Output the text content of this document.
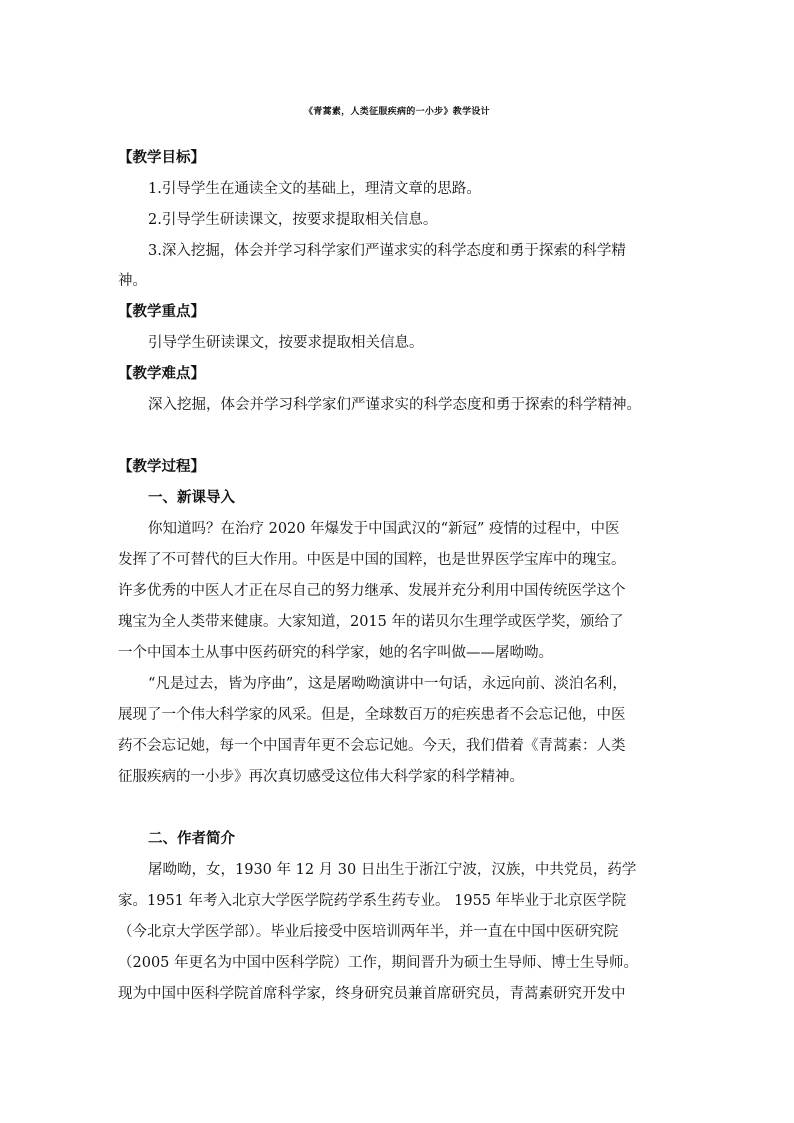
《青蒿素，人类征服疾病的一小步》教学设计
【教学目标】
1.引导学生在通读全文的基础上，理清文章的思路。
2.引导学生研读课文，按要求提取相关信息。
3.深入挖掘，体会并学习科学家们严谨求实的科学态度和勇于探索的科学精
神。
【教学重点】
引导学生研读课文，按要求提取相关信息。
【教学难点】
深入挖掘，体会并学习科学家们严谨求实的科学态度和勇于探索的科学精神。
【教学过程】
一、新课导入
你知道吗？在治疗 2020 年爆发于中国武汉的“新冠” 疫情的过程中，中医
发挥了不可替代的巨大作用。中医是中国的国粹，也是世界医学宝库中的瑰宝。
许多优秀的中医人才正在尽自己的努力继承、发展并充分利用中国传统医学这个
瑰宝为全人类带来健康。大家知道，2015 年的诺贝尔生理学或医学奖，颁给了
一个中国本土从事中医药研究的科学家，她的名字叫做——屠呦呦。
“凡是过去，皆为序曲”，这是屠呦呦演讲中一句话，永远向前、淡泊名利，
展现了一个伟大科学家的风采。但是，全球数百万的疟疾患者不会忘记他，中医
药不会忘记她，每一个中国青年更不会忘记她。今天，我们借着《青蒿素：人类
征服疾病的一小步》再次真切感受这位伟大科学家的科学精神。
二、作者简介
屠呦呦，女，1930 年 12 月 30 日出生于浙江宁波，汉族，中共党员，药学
家。1951 年考入北京大学医学院药学系生药专业。 1955 年毕业于北京医学院
（今北京大学医学部）。毕业后接受中医培训两年半，并一直在中国中医研究院
（2005 年更名为中国中医科学院）工作，期间晋升为硕士生导师、博士生导师。
现为中国中医科学院首席科学家，终身研究员兼首席研究员，青蒿素研究开发中
